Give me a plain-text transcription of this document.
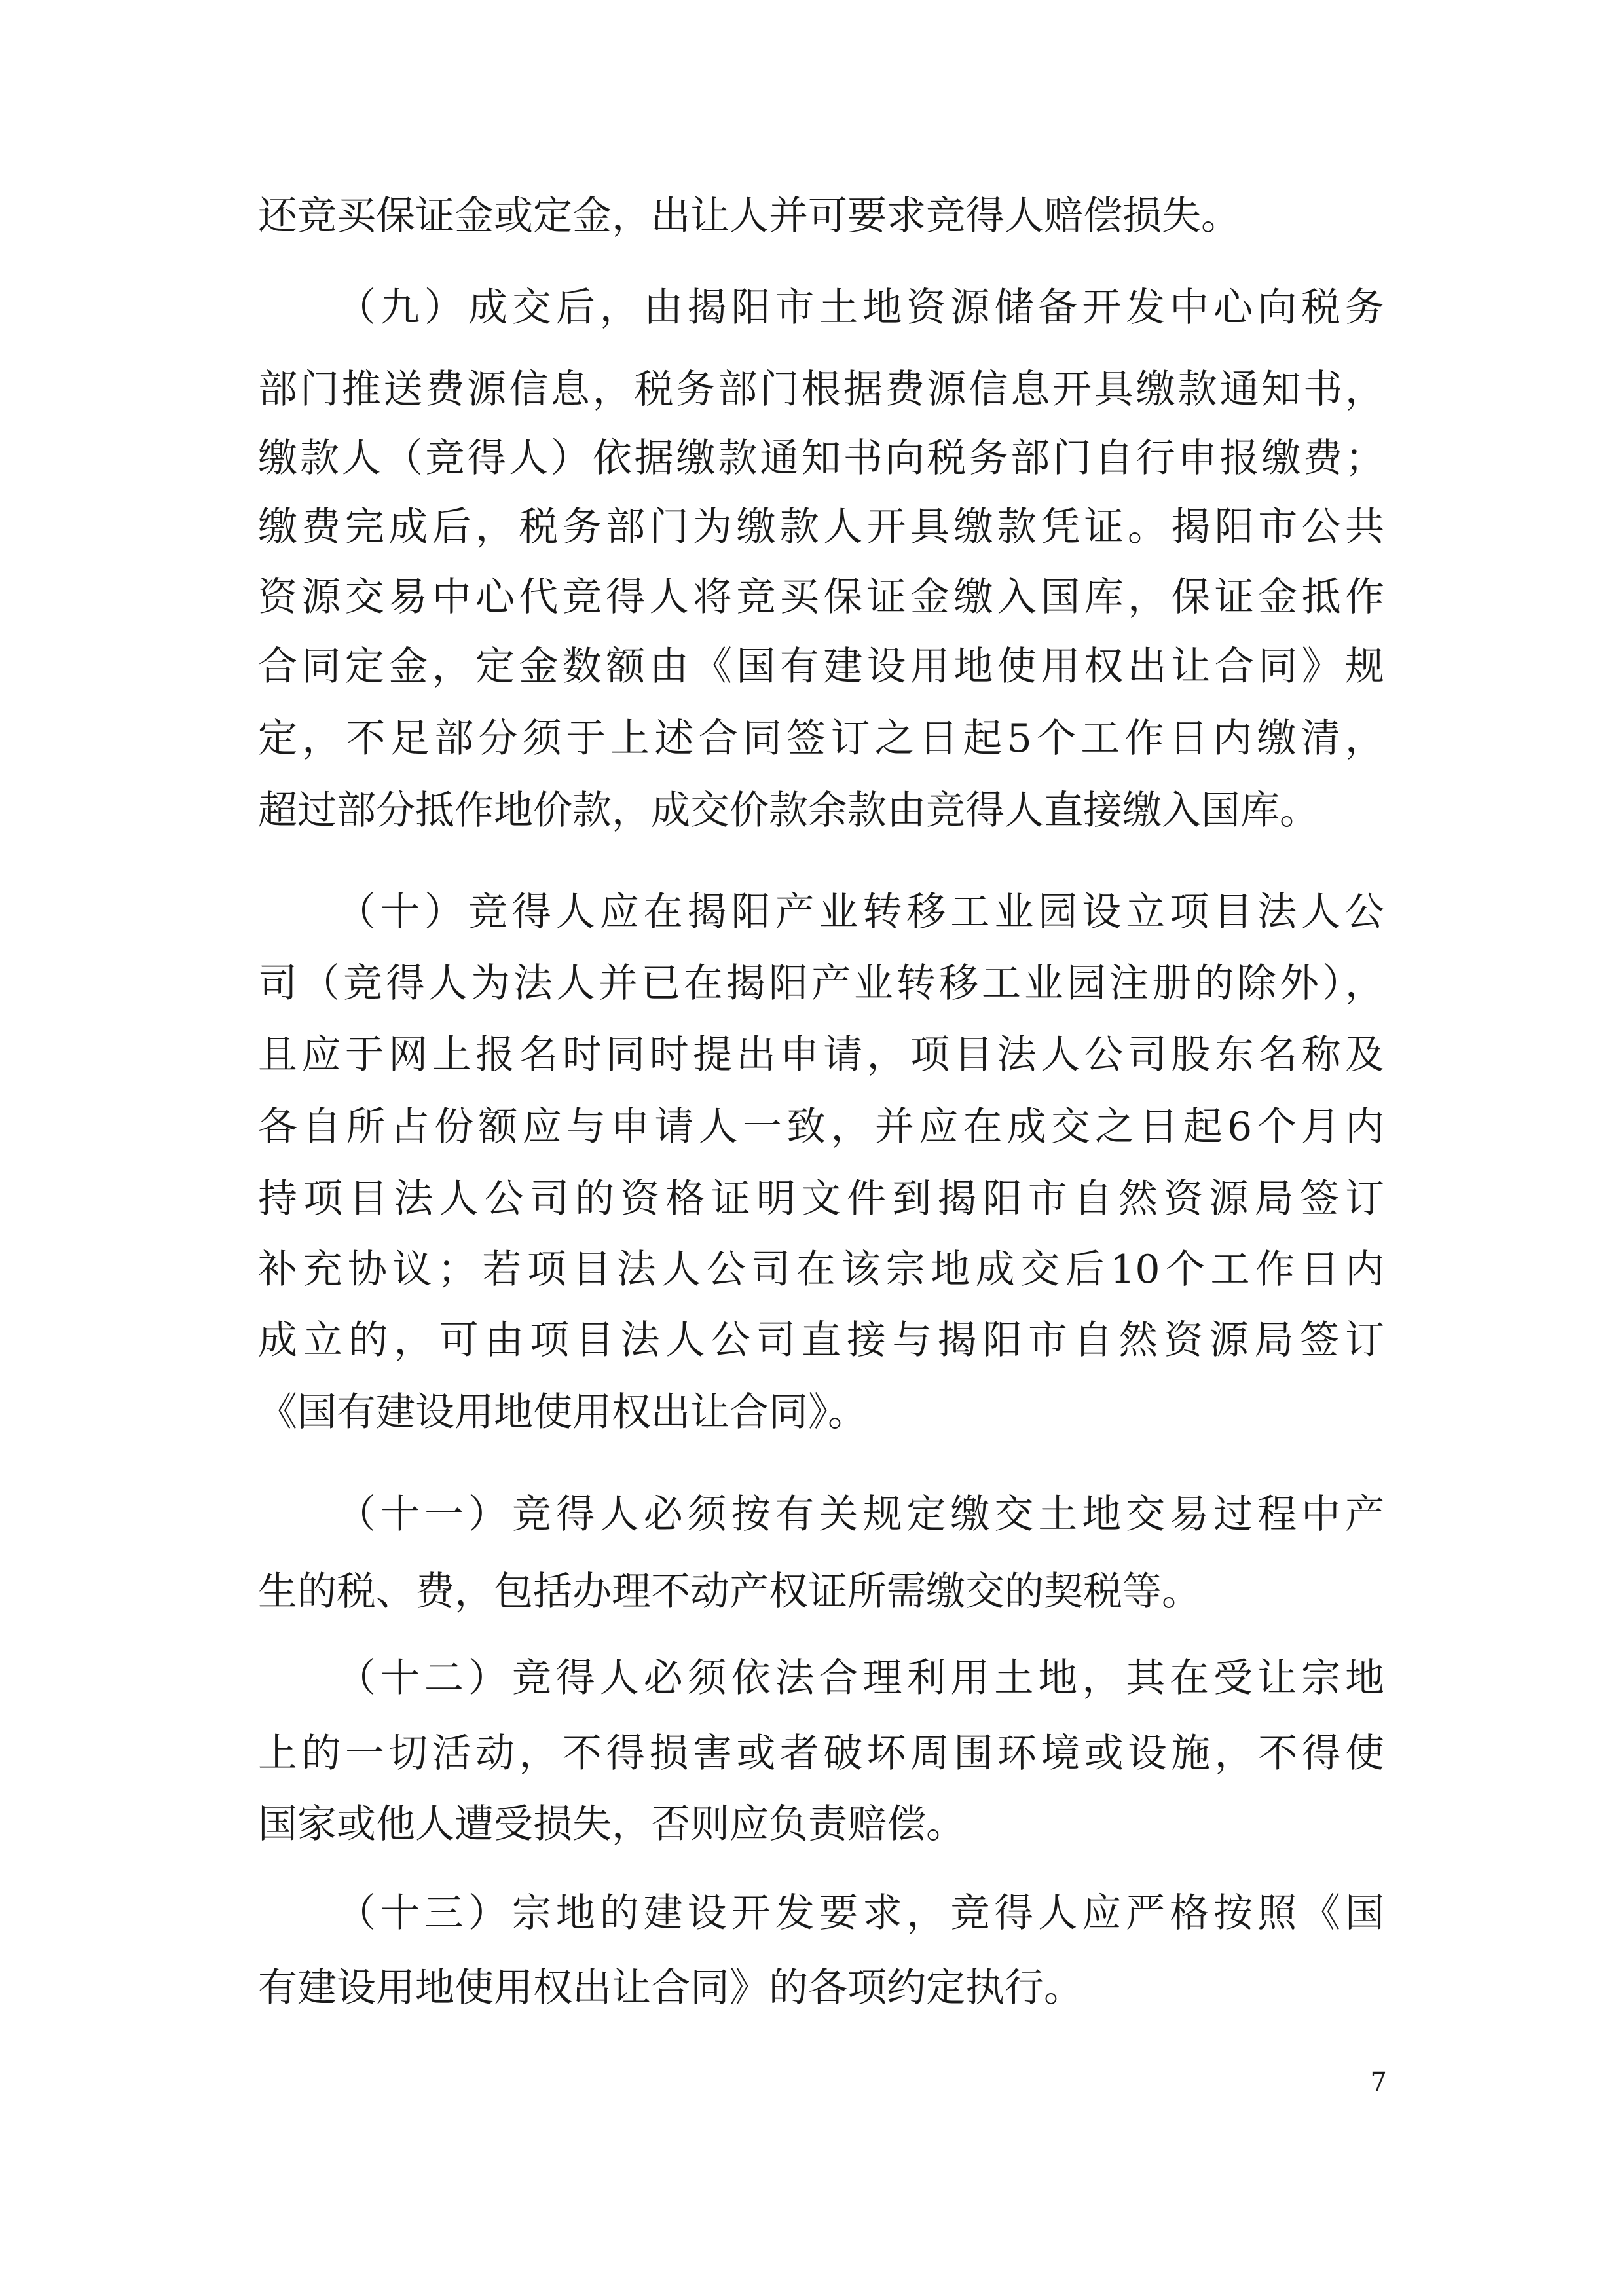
还竞买保证金或定金，出让人并可要求竞得人赔偿损失。
（九）成交后，由揭阳市土地资源储备开发中心向税务
部门推送费源信息，税务部门根据费源信息开具缴款通知书，
缴款人（竞得人）依据缴款通知书向税务部门自行申报缴费；
缴费完成后，税务部门为缴款人开具缴款凭证。揭阳市公共
资源交易中心代竞得人将竞买保证金缴入国库，保证金抵作
合同定金，定金数额由《国有建设用地使用权出让合同》规
定，不足部分须于上述合同签订之日起5个工作日内缴清，
超过部分抵作地价款，成交价款余款由竞得人直接缴入国库。
（十）竞得人应在揭阳产业转移工业园设立项目法人公
司（竞得人为法人并已在揭阳产业转移工业园注册的除外），
且应于网上报名时同时提出申请，项目法人公司股东名称及
各自所占份额应与申请人一致，并应在成交之日起6个月内
持项目法人公司的资格证明文件到揭阳市自然资源局签订
补充协议；若项目法人公司在该宗地成交后10个工作日内
成立的，可由项目法人公司直接与揭阳市自然资源局签订
《国有建设用地使用权出让合同》。
（十一）竞得人必须按有关规定缴交土地交易过程中产
生的税、费，包括办理不动产权证所需缴交的契税等。
（十二）竞得人必须依法合理利用土地，其在受让宗地
上的一切活动，不得损害或者破坏周围环境或设施，不得使
国家或他人遭受损失，否则应负责赔偿。
（十三）宗地的建设开发要求，竞得人应严格按照《国
有建设用地使用权出让合同》的各项约定执行。
7
